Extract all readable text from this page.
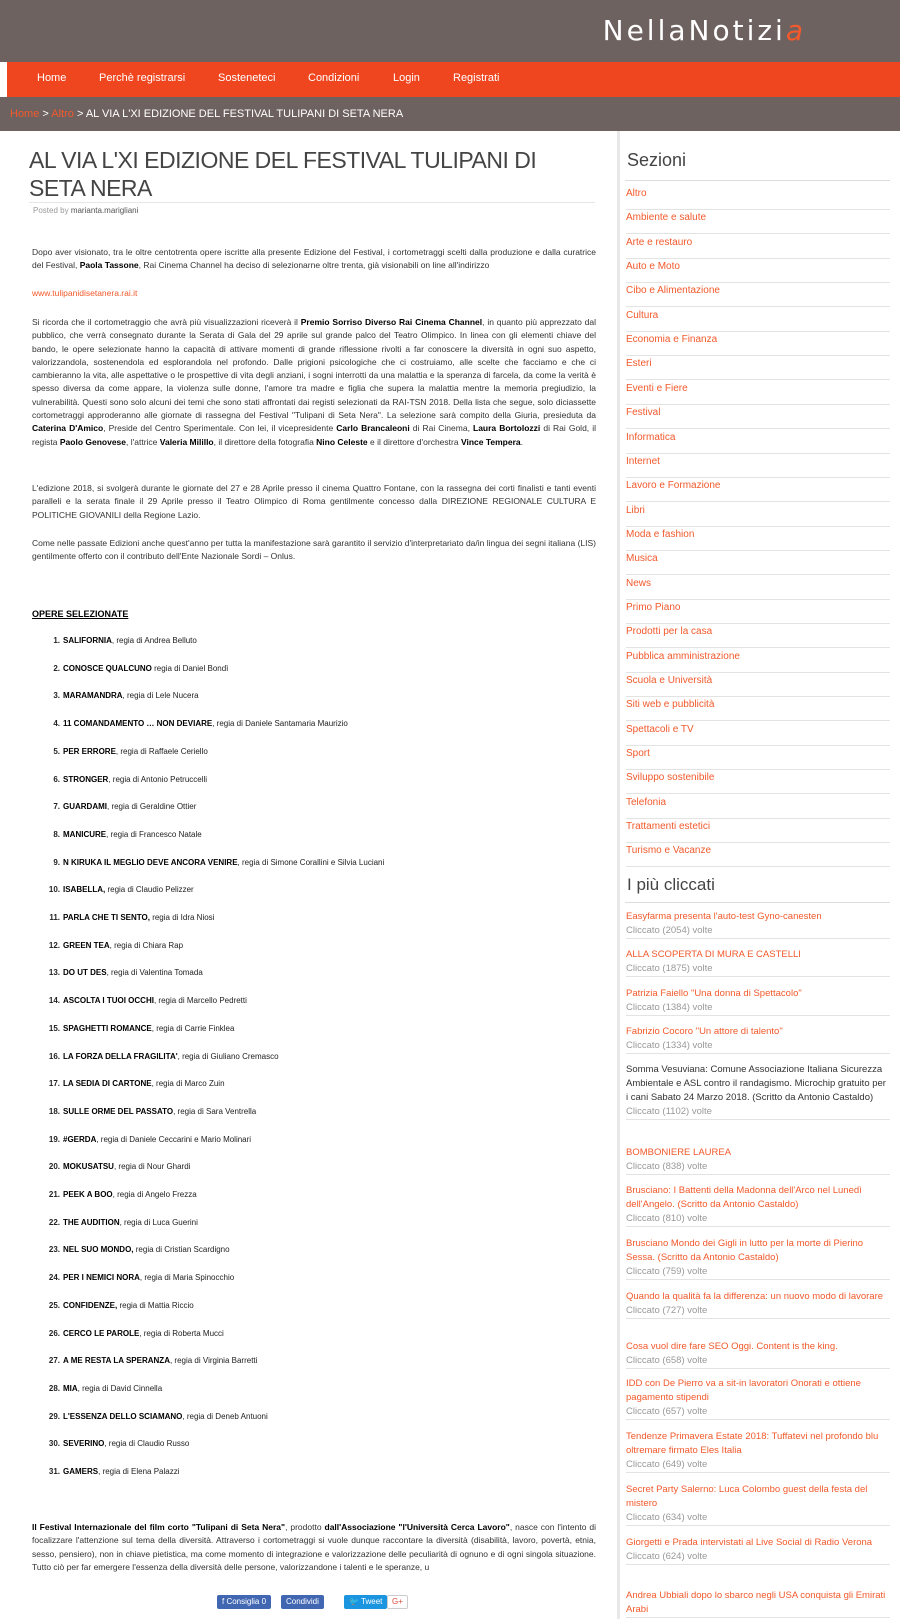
NellaNotizia
Home	Perchè registrarsi	Sosteneteci	Condizioni	Login	Registrati
Home > Altro > AL VIA L'XI EDIZIONE DEL FESTIVAL TULIPANI DI SETA NERA
AL VIA L'XI EDIZIONE DEL FESTIVAL TULIPANI DI SETA NERA
Posted by marianta.marigliani

Dopo aver visionato, tra le oltre centotrenta opere iscritte alla presente Edizione del Festival, i cortometraggi scelti dalla produzione e dalla curatrice del Festival, Paola Tassone, Rai Cinema Channel ha deciso di selezionarne oltre trenta, già visionabili on line all'indirizzo

www.tulipanidisetanera.rai.it

Si ricorda che il cortometraggio che avrà più visualizzazioni riceverà il Premio Sorriso Diverso Rai Cinema Channel, in quanto più apprezzato dal pubblico, che verrà consegnato durante la Serata di Gala del 29 aprile sul grande palco del Teatro Olimpico. In linea con gli elementi chiave del bando, le opere selezionate hanno la capacità di attivare momenti di grande riflessione rivolti a far conoscere la diversità in ogni suo aspetto, valorizzandola, sostenendola ed esplorandola nel profondo. Dalle prigioni psicologiche che ci costruiamo, alle scelte che facciamo e che ci cambieranno la vita, alle aspettative o le prospettive di vita degli anziani, i sogni interrotti da una malattia e la speranza di farcela, da come la verità è spesso diversa da come appare, la violenza sulle donne, l'amore tra madre e figlia che supera la malattia mentre la memoria pregiudizio, la vulnerabilità. Questi sono solo alcuni dei temi che sono stati affrontati dai registi selezionati da RAI-TSN 2018. Della lista che segue, solo diciassette cortometraggi approderanno alle giornate di rassegna del Festival "Tulipani di Seta Nera". La selezione sarà compito della Giuria, presieduta da Caterina D'Amico, Preside del Centro Sperimentale. Con lei, il vicepresidente Carlo Brancaleoni di Rai Cinema, Laura Bortolozzi di Rai Gold, il regista Paolo Genovese, l'attrice Valeria Milillo, il direttore della fotografia Nino Celeste e il direttore d'orchestra Vince Tempera.

L'edizione 2018, si svolgerà durante le giornate del 27 e 28 Aprile presso il cinema Quattro Fontane, con la rassegna dei corti finalisti e tanti eventi paralleli e la serata finale il 29 Aprile presso il Teatro Olimpico di Roma gentilmente concesso dalla DIREZIONE REGIONALE CULTURA E POLITICHE GIOVANILI della Regione Lazio.

Come nelle passate Edizioni anche quest'anno per tutta la manifestazione sarà garantito il servizio d'interpretariato da/in lingua dei segni italiana (LIS) gentilmente offerto con il contributo dell'Ente Nazionale Sordi – Onlus.

OPERE SELEZIONATE
1. SALIFORNIA, regia di Andrea Belluto
2. CONOSCE QUALCUNO regia di Daniel Bondì
3. MARAMANDRA, regia di Lele Nucera
4. 11 COMANDAMENTO … NON DEVIARE, regia di Daniele Santamaria Maurizio
5. PER ERRORE, regia di Raffaele Ceriello
6. STRONGER, regia di Antonio Petruccelli
7. GUARDAMI, regia di Geraldine Ottier
8. MANICURE, regia di Francesco Natale
9. N KIRUKA IL MEGLIO DEVE ANCORA VENIRE, regia di Simone Corallini e Silvia Luciani
10. ISABELLA, regia di Claudio Pelizzer
11. PARLA CHE TI SENTO, regia di Idra Niosi
12. GREEN TEA, regia di Chiara Rap
13. DO UT DES, regia di Valentina Tomada
14. ASCOLTA I TUOI OCCHI, regia di Marcello Pedretti
15. SPAGHETTI ROMANCE, regia di Carrie Finklea
16. LA FORZA DELLA FRAGILITA', regia di Giuliano Cremasco
17. LA SEDIA DI CARTONE, regia di Marco Zuin
18. SULLE ORME DEL PASSATO, regia di Sara Ventrella
19. #GERDA, regia di Daniele Ceccarini e Mario Molinari
20. MOKUSATSU, regia di Nour Ghardi
21. PEEK A BOO, regia di Angelo Frezza
22. THE AUDITION, regia di Luca Guerini
23. NEL SUO MONDO, regia di Cristian Scardigno
24. PER I NEMICI NORA, regia di Maria Spinocchio
25. CONFIDENZE, regia di Mattia Riccio
26. CERCO LE PAROLE, regia di Roberta Mucci
27. A ME RESTA LA SPERANZA, regia di Virginia Barretti
28. MIA, regia di David Cinnella
29. L'ESSENZA DELLO SCIAMANO, regia di Deneb Antuoni
30. SEVERINO, regia di Claudio Russo
31. GAMERS, regia di Elena Palazzi

Il Festival Internazionale del film corto "Tulipani di Seta Nera", prodotto dall'Associazione "l'Università Cerca Lavoro", nasce con l'intento di focalizzare l'attenzione sul tema della diversità. Attraverso i cortometraggi si vuole dunque raccontare la diversità (disabilità, lavoro, povertà, etnia, sesso, pensiero), non in chiave pietistica, ma come momento di integrazione e valorizzazione delle peculiarità di ognuno e di ogni singola situazione. Tutto ciò per far emergere l'essenza della diversità delle persone, valorizzandone i talenti e le speranze, u

f Consiglia 0	Condividi	🐦 Tweet	G+
Sezioni
Altro
Ambiente e salute
Arte e restauro
Auto e Moto
Cibo e Alimentazione
Cultura
Economia e Finanza
Esteri
Eventi e Fiere
Festival
Informatica
Internet
Lavoro e Formazione
Libri
Moda e fashion
Musica
News
Primo Piano
Prodotti per la casa
Pubblica amministrazione
Scuola e Università
Siti web e pubblicità
Spettacoli e TV
Sport
Sviluppo sostenibile
Telefonia
Trattamenti estetici
Turismo e Vacanze
I più cliccati
Easyfarma presenta l'auto-test Gyno-canesten
Cliccato (2054) volte
ALLA SCOPERTA DI MURA E CASTELLI
Cliccato (1875) volte
Patrizia Faiello "Una donna di Spettacolo"
Cliccato (1384) volte
Fabrizio Cocoro "Un attore di talento"
Cliccato (1334) volte
Somma Vesuviana: Comune Associazione Italiana Sicurezza Ambientale e ASL contro il randagismo. Microchip gratuito per i cani Sabato 24 Marzo 2018. (Scritto da Antonio Castaldo)
Cliccato (1102) volte
BOMBONIERE LAUREA
Cliccato (838) volte
Brusciano: I Battenti della Madonna dell'Arco nel Lunedì dell'Angelo. (Scritto da Antonio Castaldo)
Cliccato (810) volte
Brusciano Mondo dei Gigli in lutto per la morte di Pierino Sessa. (Scritto da Antonio Castaldo)
Cliccato (759) volte
Quando la qualità fa la differenza: un nuovo modo di lavorare
Cliccato (727) volte
Cosa vuol dire fare SEO Oggi. Content is the king.
Cliccato (658) volte
IDD con De Pierro va a sit-in lavoratori Onorati e ottiene pagamento stipendi
Cliccato (657) volte
Tendenze Primavera Estate 2018: Tuffatevi nel profondo blu oltremare firmato Eles Italia
Cliccato (649) volte
Secret Party Salerno: Luca Colombo guest della festa del mistero
Cliccato (634) volte
Giorgetti e Prada intervistati al Live Social di Radio Verona
Cliccato (624) volte
Andrea Ubbiali dopo lo sbarco negli USA conquista gli Emirati Arabi
